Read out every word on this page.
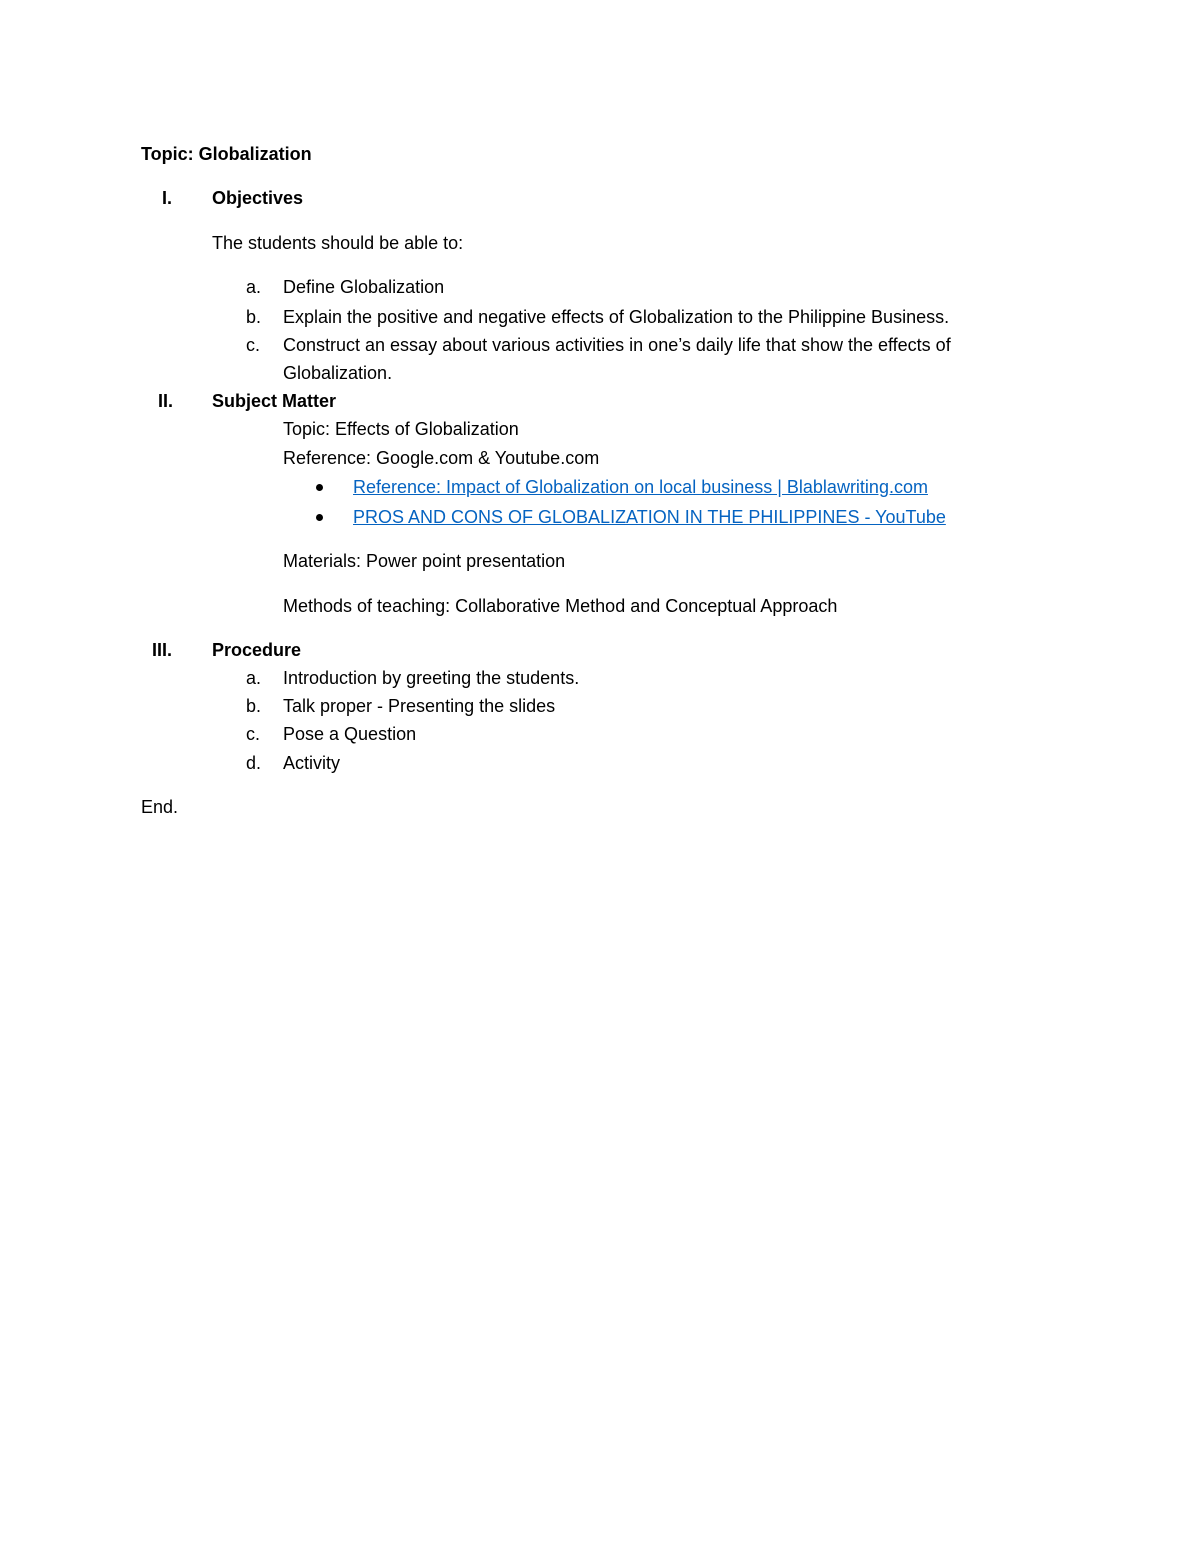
Topic: Globalization
I. Objectives
The students should be able to:
a. Define Globalization
b. Explain the positive and negative effects of Globalization to the Philippine Business.
c. Construct an essay about various activities in one’s daily life that show the effects of
Globalization.
II. Subject Matter
Topic: Effects of Globalization
Reference: Google.com & Youtube.com
Reference: Impact of Globalization on local business | Blablawriting.com
PROS AND CONS OF GLOBALIZATION IN THE PHILIPPINES - YouTube
Materials: Power point presentation
Methods of teaching: Collaborative Method and Conceptual Approach
III. Procedure
a. Introduction by greeting the students.
b. Talk proper - Presenting the slides
c. Pose a Question
d. Activity
End.
